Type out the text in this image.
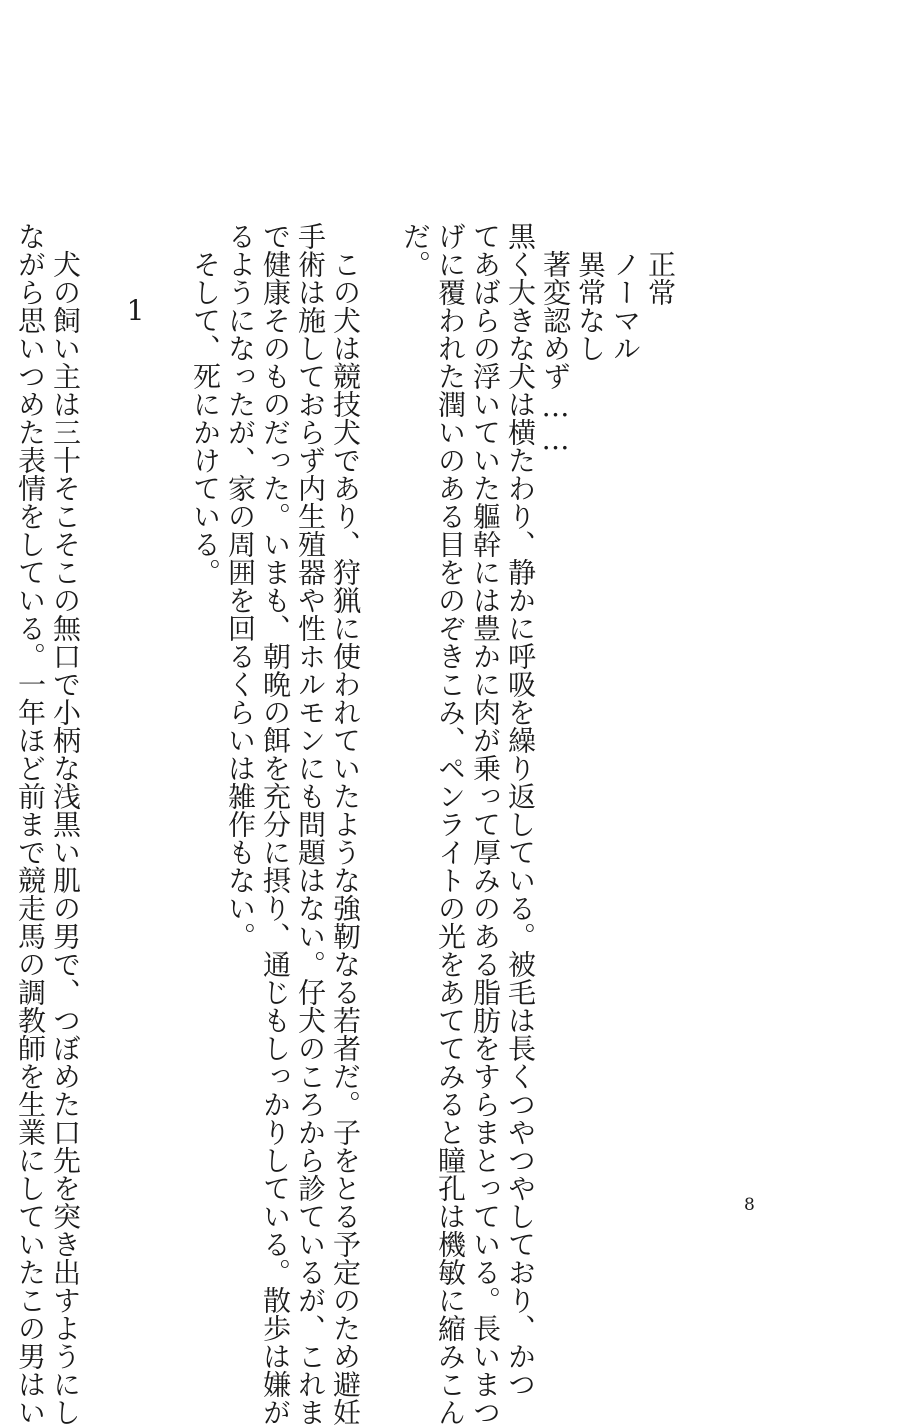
正常
ノーマル
異常なし
著変認めず……
黒く大きな犬は横たわり、静かに呼吸を繰り返している。被毛は長くつやつやしており、かつ
てあばらの浮いていた軀幹には豊かに肉が乗って厚みのある脂肪をすらまとっている。長いまつ
げに覆われた潤いのある目をのぞきこみ、ペンライトの光をあててみると瞳孔は機敏に縮みこん
だ。
この犬は競技犬であり、狩猟に使われていたような強靭なる若者だ。子をとる予定のため避妊
手術は施しておらず内生殖器や性ホルモンにも問題はない。仔犬のころから診ているが、これま
で健康そのものだった。いまも、朝晩の餌を充分に摂り、通じもしっかりしている。散歩は嫌が
るようになったが、家の周囲を回るくらいは雑作もない。
そして、死にかけている。
1
犬の飼い主は三十そこそこの無口で小柄な浅黒い肌の男で、つぼめた口先を突き出すようにし
ながら思いつめた表情をしている。一年ほど前まで競走馬の調教師を生業にしていたこの男はい	8
